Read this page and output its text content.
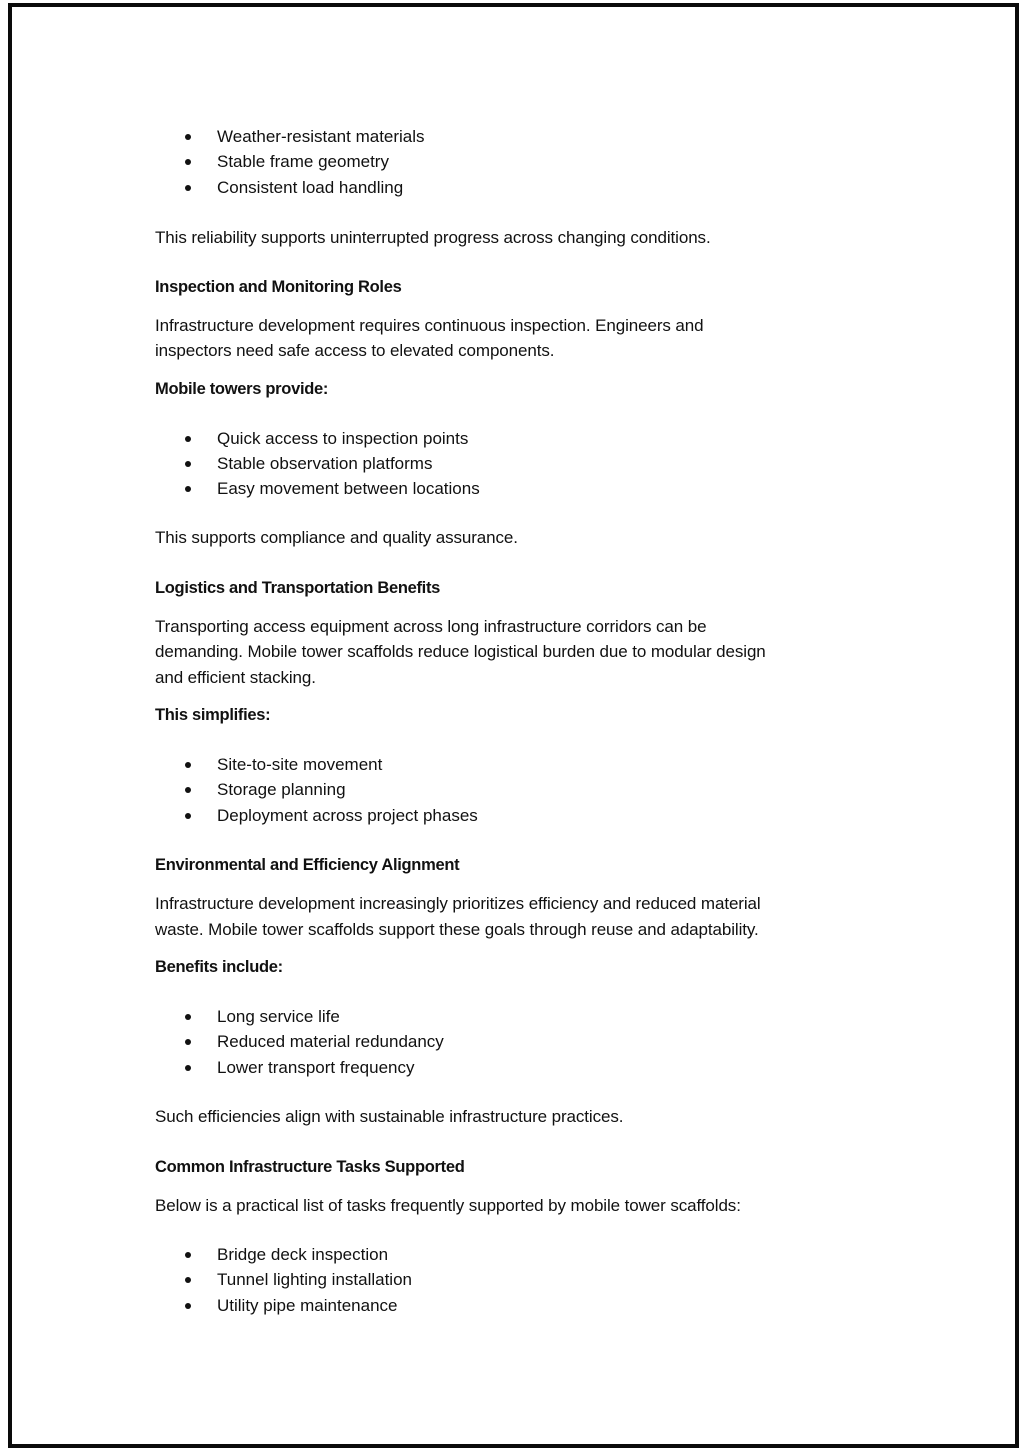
Weather-resistant materials
Stable frame geometry
Consistent load handling
This reliability supports uninterrupted progress across changing conditions.
Inspection and Monitoring Roles
Infrastructure development requires continuous inspection. Engineers and
inspectors need safe access to elevated components.
Mobile towers provide:
Quick access to inspection points
Stable observation platforms
Easy movement between locations
This supports compliance and quality assurance.
Logistics and Transportation Benefits
Transporting access equipment across long infrastructure corridors can be
demanding. Mobile tower scaffolds reduce logistical burden due to modular design
and efficient stacking.
This simplifies:
Site-to-site movement
Storage planning
Deployment across project phases
Environmental and Efficiency Alignment
Infrastructure development increasingly prioritizes efficiency and reduced material
waste. Mobile tower scaffolds support these goals through reuse and adaptability.
Benefits include:
Long service life
Reduced material redundancy
Lower transport frequency
Such efficiencies align with sustainable infrastructure practices.
Common Infrastructure Tasks Supported
Below is a practical list of tasks frequently supported by mobile tower scaffolds:
Bridge deck inspection
Tunnel lighting installation
Utility pipe maintenance
